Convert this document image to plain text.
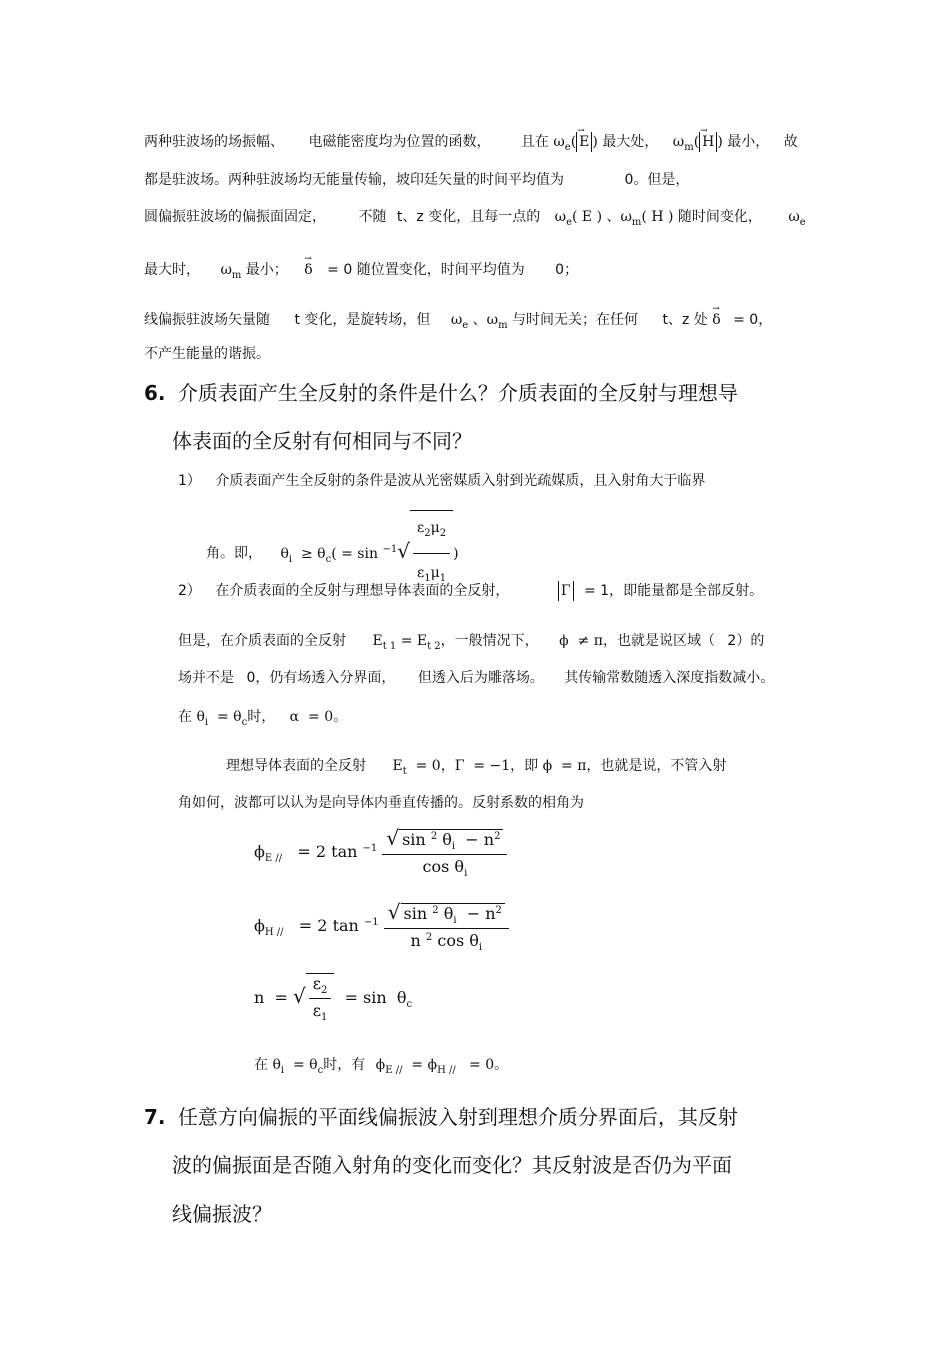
两种驻波场的场振幅、 电磁能密度均为位置的函数， 且在 $\omega_e( \to E$ ) 最大处， $\omega_m( \to H$ ) 最小， 故
都是驻波场。两种驻波场均无能量传输，坡印廷矢量的时间平均值为	0。但是，
圆偏振驻波场的偏振面固定， 不随 t、z 变化，且每一点的 $\omega_e$( E ) 、$\omega_m$( H ) 随时间变化， $\omega_e$
最大时， $\omega_m$ 最小； → δ = 0 随位置变化，时间平均值为 0；
线偏振驻波场矢量随 t 变化，是旋转场，但 $\omega_e$ 、$\omega_m$ 与时间无关；在任何 t、z 处 → δ = 0，
不产生能量的谐振。
6. 介质表面产生全反射的条件是什么？介质表面的全反射与理想导
体表面的全反射有何相同与不同？
1） 介质表面产生全反射的条件是波从光密媒质入射到光疏媒质，且入射角大于临界
角。即， $\theta_i \ge \theta_c( = \sin ^{-1}√ \frac{\varepsilon_2\mu_2}{\varepsilon_1\mu_1}$ )
2） 在介质表面的全反射与理想导体表面的全反射，	Γ = 1，即能量都是全部反射。
但是，在介质表面的全反射 $E_{t 1} = E_{t 2}$，一般情况下， ϕ  ≠ π，也就是说区域（ 2）的
场并不是 0，仍有场透入分界面， 但透入后为雕落场。 其传输常数随透入深度指数减小。
在 $\theta_i = \theta_c$时， α  = 0。
理想导体表面的全反射 $E_t = 0$，Γ  = −1，即 ϕ  = π，也就是说，不管入射
角如何，波都可以认为是向导体内垂直传播的。反射系数的相角为
$\phi_{E //} = 2$ $\tan ^{-1} \frac{√ \sin ^2 \theta_i - n^2}{\cos \theta_i}$
$\phi_{H //} = 2$ $\tan ^{-1} \frac{√ \sin ^2 \theta_i - n^2}{n ^2 \cos \theta_i}$
n  = √ $\frac{\varepsilon_2}{\varepsilon_1} = \sin \theta_c$
在 $\theta_i = \theta_c$时，有 $\phi_{E //} = \phi_{H //} = 0$。
7. 任意方向偏振的平面线偏振波入射到理想介质分界面后，其反射
波的偏振面是否随入射角的变化而变化？其反射波是否仍为平面
线偏振波？
